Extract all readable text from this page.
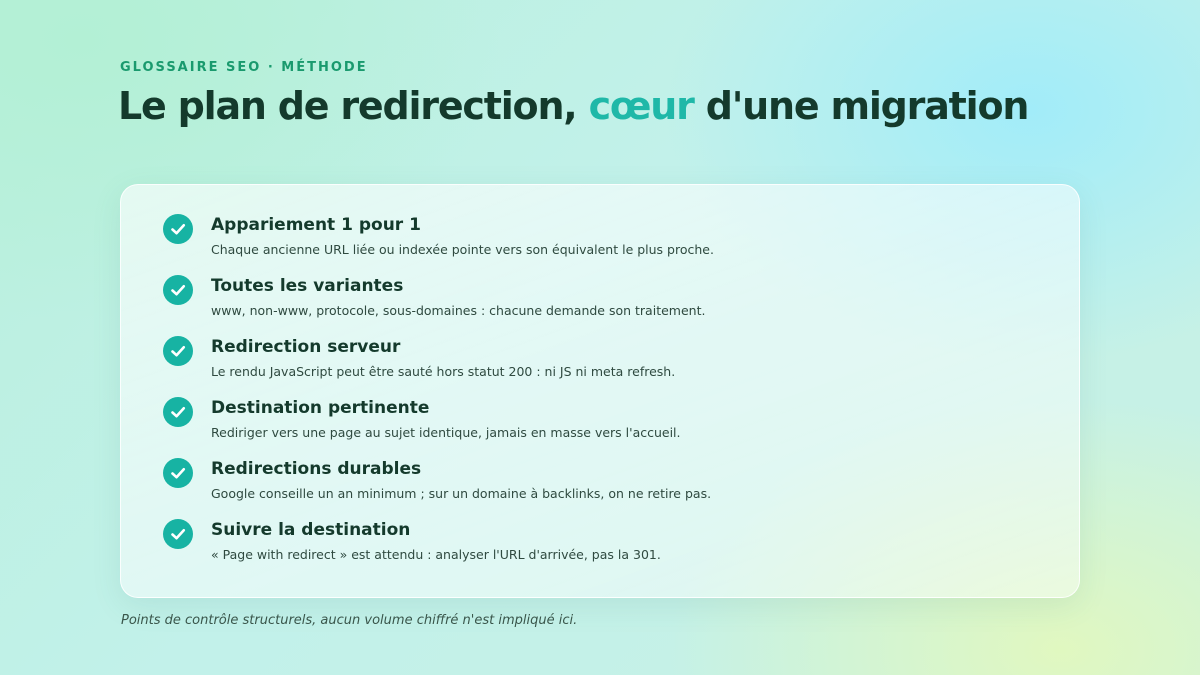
GLOSSAIRE SEO · MÉTHODE
Le plan de redirection, cœur d'une migration
Appariement 1 pour 1
Chaque ancienne URL liée ou indexée pointe vers son équivalent le plus proche.
Toutes les variantes
www, non-www, protocole, sous-domaines : chacune demande son traitement.
Redirection serveur
Le rendu JavaScript peut être sauté hors statut 200 : ni JS ni meta refresh.
Destination pertinente
Rediriger vers une page au sujet identique, jamais en masse vers l'accueil.
Redirections durables
Google conseille un an minimum ; sur un domaine à backlinks, on ne retire pas.
Suivre la destination
« Page with redirect » est attendu : analyser l'URL d'arrivée, pas la 301.
Points de contrôle structurels, aucun volume chiffré n'est impliqué ici.
